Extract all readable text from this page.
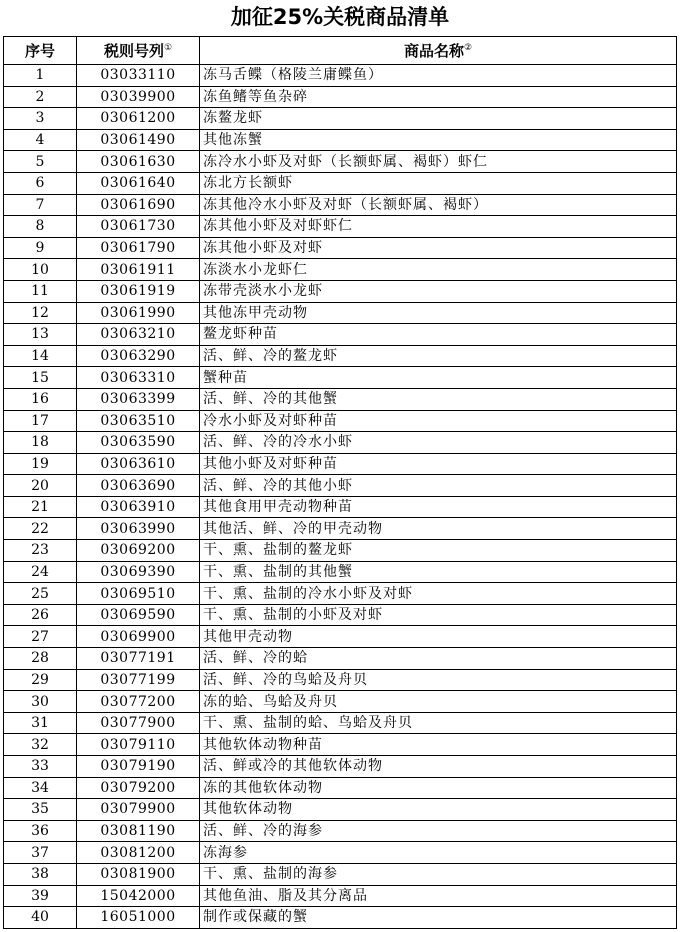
加征25%关税商品清单
序号	税则号列①	商品名称②
1	03033110	冻马舌鲽（格陵兰庸鲽鱼）
2	03039900	冻鱼鳍等鱼杂碎
3	03061200	冻鳌龙虾
4	03061490	其他冻蟹
5	03061630	冻冷水小虾及对虾（长额虾属、褐虾）虾仁
6	03061640	冻北方长额虾
7	03061690	冻其他冷水小虾及对虾（长额虾属、褐虾）
8	03061730	冻其他小虾及对虾虾仁
9	03061790	冻其他小虾及对虾
10	03061911	冻淡水小龙虾仁
11	03061919	冻带壳淡水小龙虾
12	03061990	其他冻甲壳动物
13	03063210	鳌龙虾种苗
14	03063290	活、鲜、冷的鳌龙虾
15	03063310	蟹种苗
16	03063399	活、鲜、冷的其他蟹
17	03063510	冷水小虾及对虾种苗
18	03063590	活、鲜、冷的冷水小虾
19	03063610	其他小虾及对虾种苗
20	03063690	活、鲜、冷的其他小虾
21	03063910	其他食用甲壳动物种苗
22	03063990	其他活、鲜、冷的甲壳动物
23	03069200	干、熏、盐制的鳌龙虾
24	03069390	干、熏、盐制的其他蟹
25	03069510	干、熏、盐制的冷水小虾及对虾
26	03069590	干、熏、盐制的小虾及对虾
27	03069900	其他甲壳动物
28	03077191	活、鲜、冷的蛤
29	03077199	活、鲜、冷的鸟蛤及舟贝
30	03077200	冻的蛤、鸟蛤及舟贝
31	03077900	干、熏、盐制的蛤、鸟蛤及舟贝
32	03079110	其他软体动物种苗
33	03079190	活、鲜或冷的其他软体动物
34	03079200	冻的其他软体动物
35	03079900	其他软体动物
36	03081190	活、鲜、冷的海参
37	03081200	冻海参
38	03081900	干、熏、盐制的海参
39	15042000	其他鱼油、脂及其分离品
40	16051000	制作或保藏的蟹
